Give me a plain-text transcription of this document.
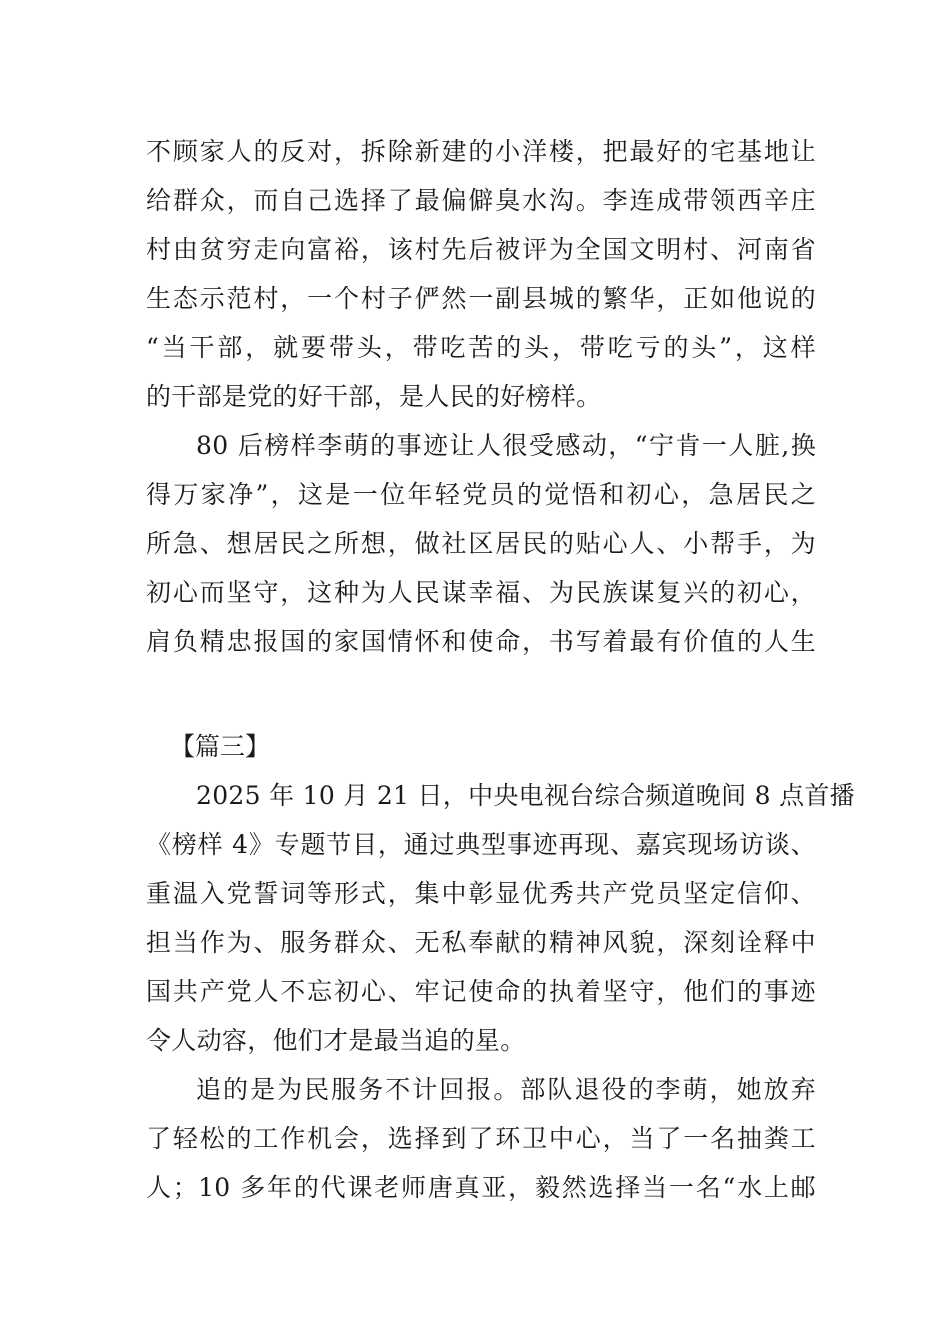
不顾家人的反对，拆除新建的小洋楼，把最好的宅基地让
给群众，而自己选择了最偏僻臭水沟。李连成带领西辛庄
村由贫穷走向富裕，该村先后被评为全国文明村、河南省
生态示范村，一个村子俨然一副县城的繁华，正如他说的
“当干部，就要带头，带吃苦的头，带吃亏的头”，这样
的干部是党的好干部，是人民的好榜样。
80 后榜样李萌的事迹让人很受感动，“宁肯一人脏,换
得万家净”，这是一位年轻党员的觉悟和初心，急居民之
所急、想居民之所想，做社区居民的贴心人、小帮手，为
初心而坚守，这种为人民谋幸福、为民族谋复兴的初心，
肩负精忠报国的家国情怀和使命，书写着最有价值的人生
【篇三】
2025 年 10 月 21 日，中央电视台综合频道晚间 8 点首播
《榜样 4》专题节目，通过典型事迹再现、嘉宾现场访谈、
重温入党誓词等形式，集中彰显优秀共产党员坚定信仰、
担当作为、服务群众、无私奉献的精神风貌，深刻诠释中
国共产党人不忘初心、牢记使命的执着坚守，他们的事迹
令人动容，他们才是最当追的星。
追的是为民服务不计回报。部队退役的李萌，她放弃
了轻松的工作机会，选择到了环卫中心，当了一名抽粪工
人；10 多年的代课老师唐真亚，毅然选择当一名“水上邮
